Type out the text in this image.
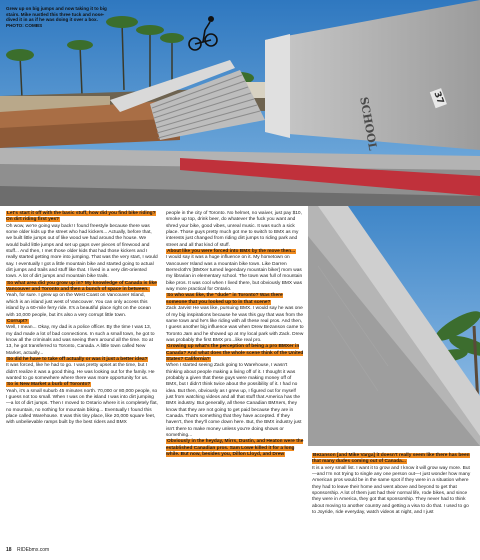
Grew up on big jumps and now taking it to big stairs. Mike nustled this three tuck and nose-dived it in as if he was doing it over a box. PHOTO: COMBS
SCHOOL	37

Let's start it off with the basic stuff, how did you find bike riding? On dirt riding first yes?

Oh wow, we're going way back! I found freestyle because there was some older kids up the street who had kickers... Actually, before that, we built little jumps out of like wood we had around the house. We would build little jumps and set up gaps over pieces of firewood and stuff... And then, I met those older kids that had those kickers and I really started getting more into jumping. That was the very start, I would say. I eventually I got a little mountain bike and started going to actual dirt jumps and trails and stuff like that. I lived in a very dirt-oriented town. A lot of dirt jumps and mountain bike trails.

So what area did you grow up in? My knowledge of Canada is like Vancouver and Toronto and then a bunch of space in between.

Yeah, for sure. I grew up on the West Coast on Vancouver Island, which is an island just west of Vancouver. You can only access this island by a 60-mile ferry ride. It's a beautiful place right on the ocean with 10,000 people, but it's also a very corrupt little town.

Corrupt?

Well, I mean... Okay, my dad is a police officer. By the time I was 13, my dad made a lot of bad connections. In such a small town, he got to know all the criminals and was seeing them around all the time. So at 13, he got transferred to Toronto, Canada. A little town called New Market, actually...

So did he have to take off actually or was it just a better idea?

It was forced, like he had to go. I was pretty upset at the time, but I didn't realize it was a good thing. He was looking out for the family. He wanted to go somewhere where there was more opportunity for us.

So is New Market a burb of Toronto?

Yeah, it's a small suburb 45 minutes north. 70,000 or 80,000 people, so I guess not too small. When I was on the island I was into dirt jumping—a lot of dirt jumps. Then I moved to Ontario where it is completely flat, no mountain, no nothing for mountain biking... Eventually I found this place called Warehouse. It was this tiny place, like 20,000 square feet, with unbelievable ramps built by the best riders and BMX

people in the city of Toronto. No helmet, no waiver, just pay $10, smoke up top, drink beer, do whatever the fuck you want and shred your bike, good vibes, unreal music. It was such a sick place. Those guys pretty much got me to switch to BMX as my interests just changed from riding dirt jumps to riding park and street and all that kind of stuff.

About like you were forced into BMX by the move then...

I would say it was a huge influence on it. My hometown on Vancouver Island was a mountain bike town. Like Darren Berrecloth's [BMXer turned legendary mountain biker] mom was my librarian in elementary school. The town was full of mountain bike pros. It was cool when I lived there, but obviously BMX was way more practical for Ontario.

So who was like, the "dude" in Toronto? Was there someone that you looked up to in that scene?

Zack Jarvis! He was like, pursuing BMX. I would say he was one of my big inspirations because he was this guy that was from the same town and he's like riding with all these real pros. And then, I guess another big influence was when Drew Bezanson came to Toronto Jam and he showed up at my local park with Zack. Drew was probably the first BMX pro...like real pro.

Growing up what's the perception of being a pro BMXer in Canada? And what does the whole scene think of the United States? California?

When I started seeing Zack going to Warehouse, I wasn't thinking about people making a living off of it. I thought it was probably a given that these guys were making money off of BMX, but I didn't think twice about the possibility of it. I had no idea. But then, obviously as I grew up, I figured out for myself just from watching videos and all that stuff that America has the BMX industry. But generally, all these Canadian BMXers, they know that they are not going to get paid because they are in Canada. That's something that they have accepted. If they haven't, then they'll come down here. But, the BMX industry just isn't there to make money unless you're doing shows or something...

Obviously in the heyday, Mirrs, Dustin, and Heaton were the established Canadian pros. Sam Lowe killed it for a long while. But now, besides you, Dillon Lloyd, and Drew	Bezanson [and Mike Varga] it doesn't really seem like there has been that many dudes coming out of Canada...

It is a very small list. I want it to grow and I know it will grow way more. But—and I'm not trying to single any one person out—I just wonder how many American pros would be in the same spot if they were in a situation where they had to leave their home and went above and beyond to get that sponsorship. A lot of them just had their normal life, rode bikes, and since they were in America, they got that sponsorship. They never had to think about moving to another country and getting a visa to do that. I used to go to Joyride, ride everyday, watch videos at night, and I just

18 RIDEbmx.com
